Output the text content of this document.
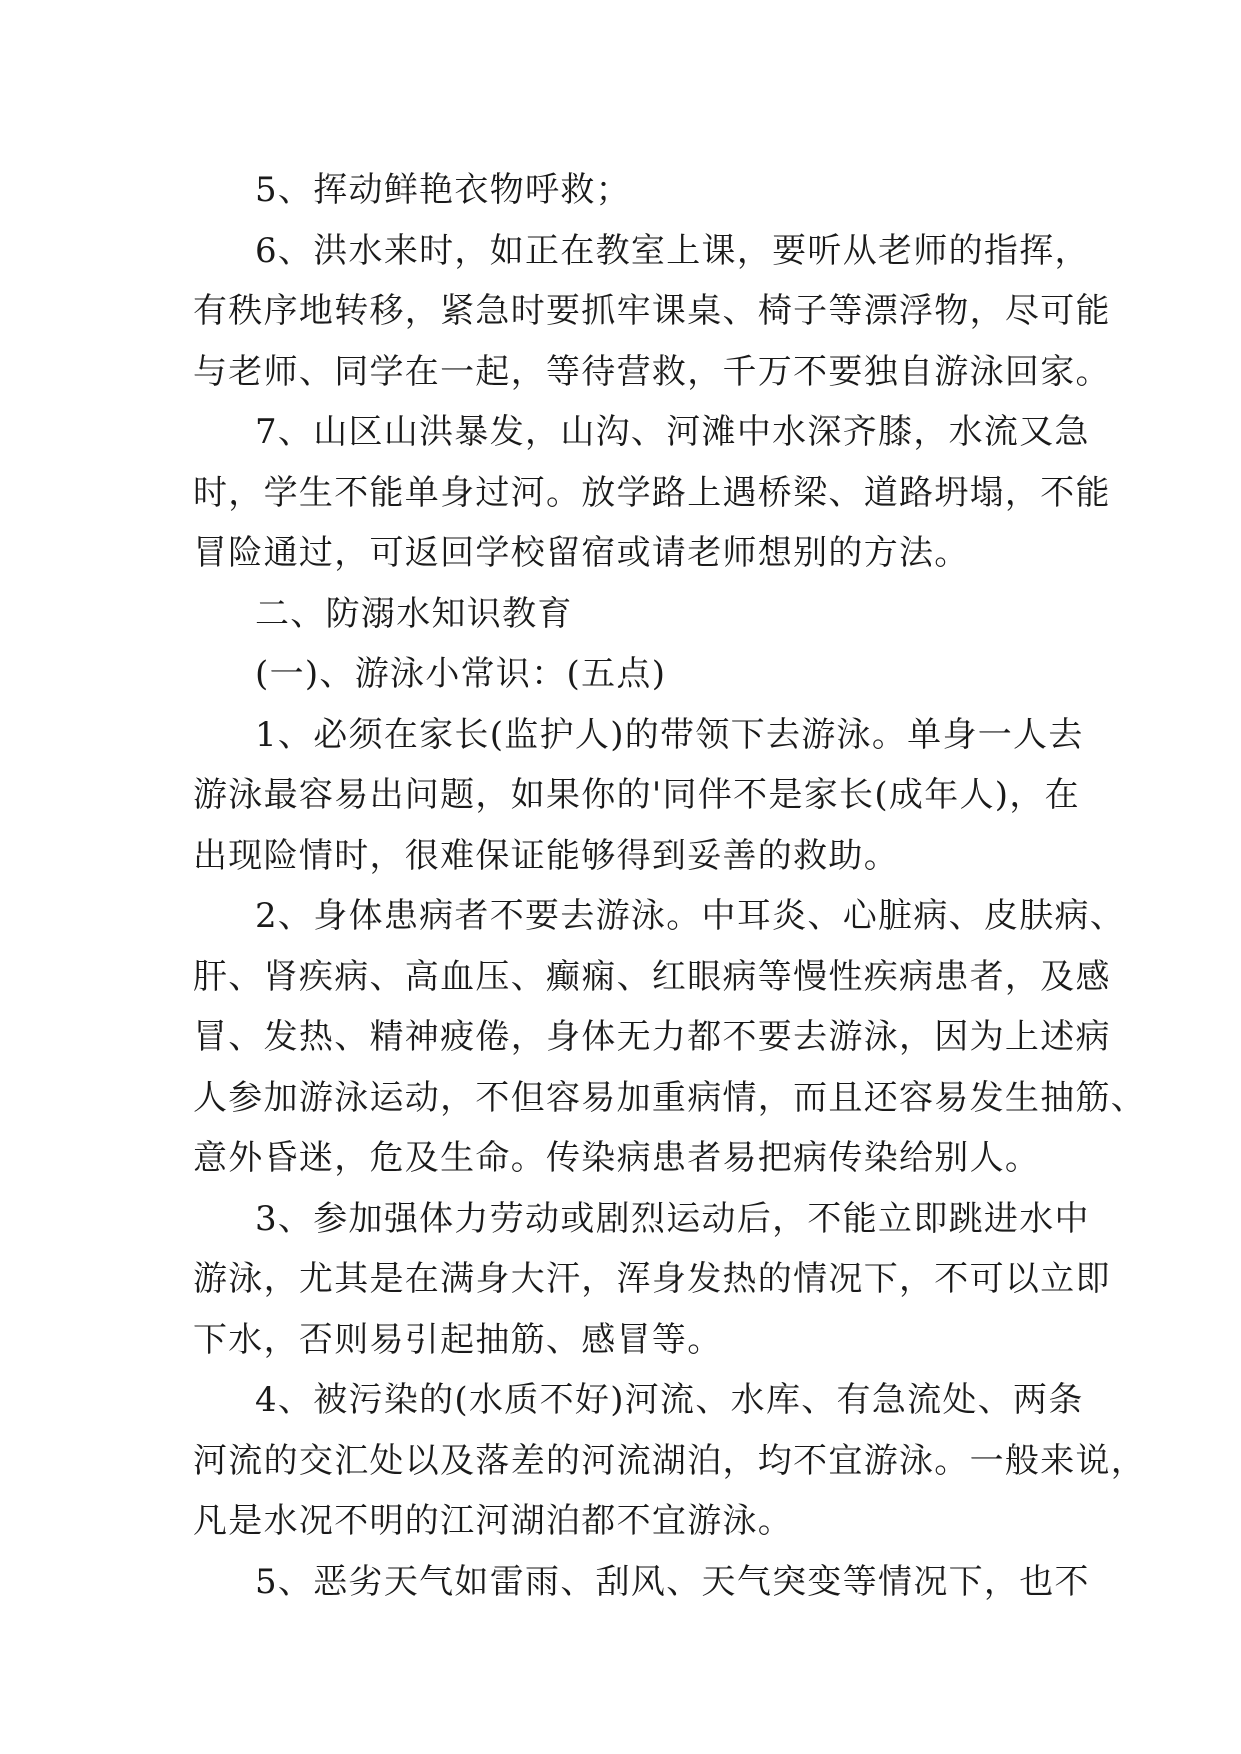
5、挥动鲜艳衣物呼救；
6、洪水来时，如正在教室上课，要听从老师的指挥，
有秩序地转移，紧急时要抓牢课桌、椅子等漂浮物，尽可能
与老师、同学在一起，等待营救，千万不要独自游泳回家。
7、山区山洪暴发，山沟、河滩中水深齐膝，水流又急
时，学生不能单身过河。放学路上遇桥梁、道路坍塌，不能
冒险通过，可返回学校留宿或请老师想别的方法。
二、防溺水知识教育
(一)、游泳小常识：(五点)
1、必须在家长(监护人)的带领下去游泳。单身一人去
游泳最容易出问题，如果你的'同伴不是家长(成年人)，在
出现险情时，很难保证能够得到妥善的救助。
2、身体患病者不要去游泳。中耳炎、心脏病、皮肤病、
肝、肾疾病、高血压、癫痫、红眼病等慢性疾病患者，及感
冒、发热、精神疲倦，身体无力都不要去游泳，因为上述病
人参加游泳运动，不但容易加重病情，而且还容易发生抽筋、
意外昏迷，危及生命。传染病患者易把病传染给别人。
3、参加强体力劳动或剧烈运动后，不能立即跳进水中
游泳，尤其是在满身大汗，浑身发热的情况下，不可以立即
下水，否则易引起抽筋、感冒等。
4、被污染的(水质不好)河流、水库、有急流处、两条
河流的交汇处以及落差的河流湖泊，均不宜游泳。一般来说，
凡是水况不明的江河湖泊都不宜游泳。
5、恶劣天气如雷雨、刮风、天气突变等情况下，也不
